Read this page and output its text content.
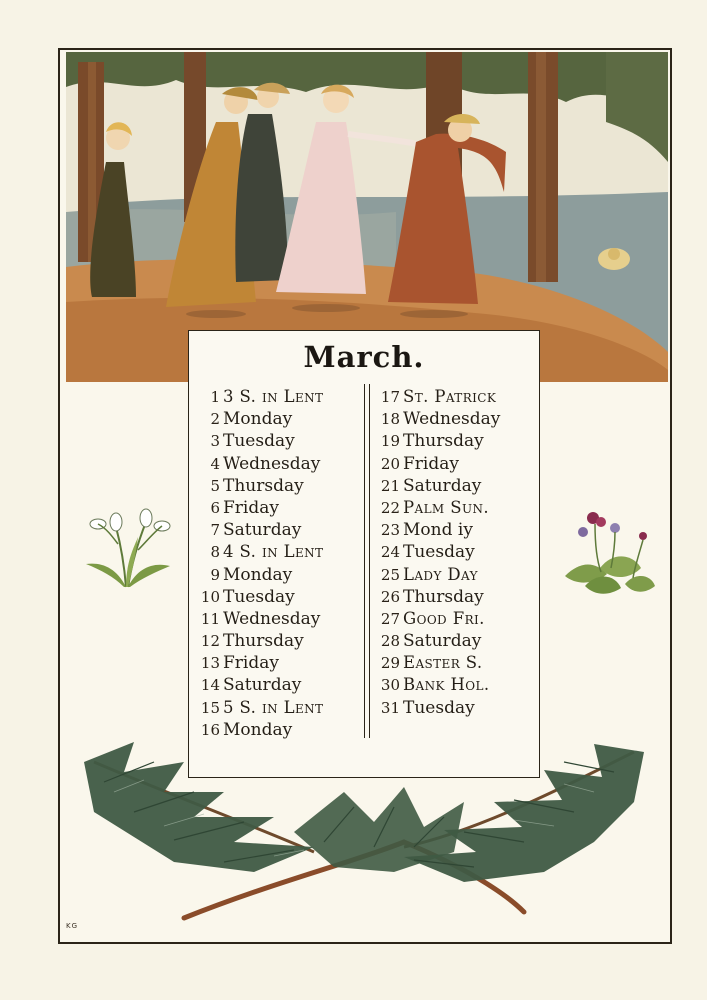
March.
1 3 S. in Lent
2 Monday
3 Tuesday
4 Wednesday
5 Thursday
6 Friday
7 Saturday
8 4 S. in Lent
9 Monday
10 Tuesday
11 Wednesday
12 Thursday
13 Friday
14 Saturday
15 5 S. in Lent
16 Monday
17 St. Patrick
18 Wednesday
19 Thursday
20 Friday
21 Saturday
22 Palm Sun.
23 Mond iy
24 Tuesday
25 Lady Day
26 Thursday
27 Good Fri.
28 Saturday
29 Easter S.
30 Bank Hol.
31 Tuesday
KG
